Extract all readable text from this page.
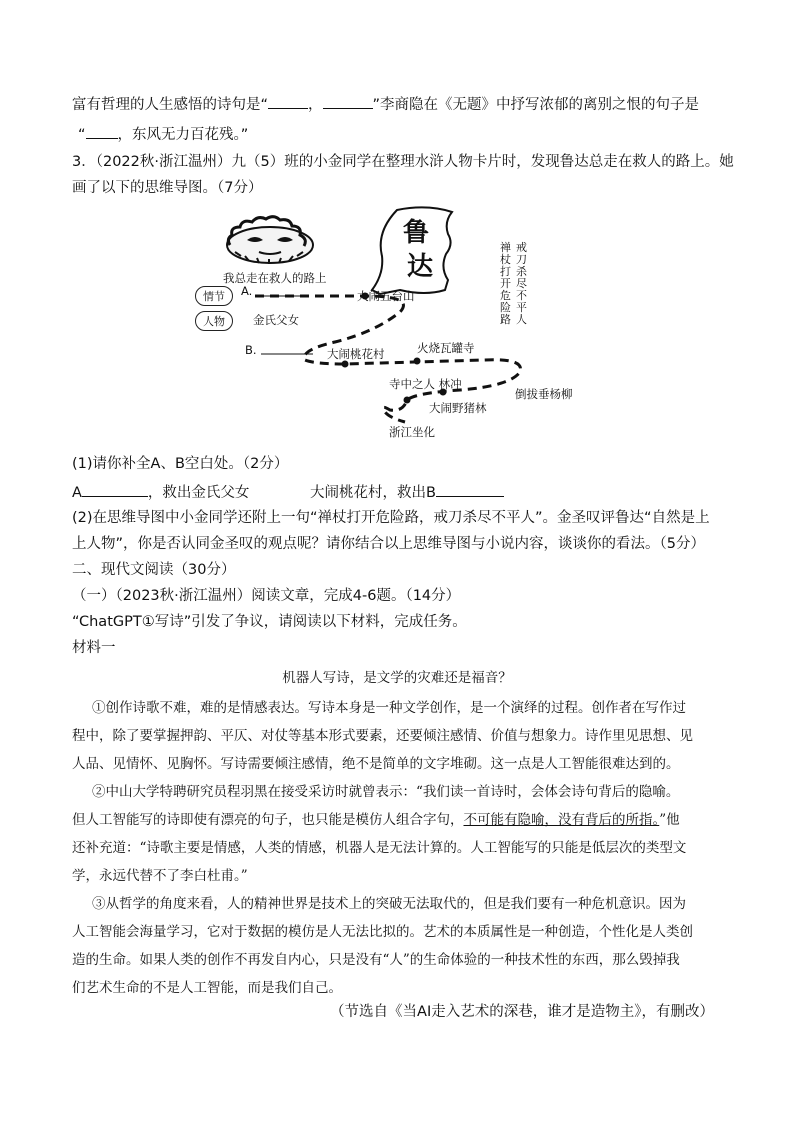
富有哲理的人生感悟的诗句是“	，	”李商隐在《无题》中抒写浓郁的离别之恨的句子是
“ ，东风无力百花残。”
3．（2022秋·浙江温州）九（5）班的小金同学在整理水浒人物卡片时，发现鲁达总走在救人的路上。她
画了以下的思维导图。（7分）
我总走在救人的路上
鲁
达
禅杖打开危险路
戒刀杀尽不平人
情节
人物
A.	大闹五台山
金氏父女
B.	大闹桃花村	火烧瓦罐寺
寺中之人 林冲
倒拔垂杨柳
大闹野猪林
浙江坐化
(1)请你补全A、B空白处。（2分）
A	，救出金氏父女	大闹桃花村，救出B
(2)在思维导图中小金同学还附上一句“禅杖打开危险路，戒刀杀尽不平人”。金圣叹评鲁达“自然是上
上人物”，你是否认同金圣叹的观点呢？请你结合以上思维导图与小说内容，谈谈你的看法。（5分）
二、现代文阅读（30分）
（一）（2023秋·浙江温州）阅读文章，完成4-6题。（14分）
“ChatGPT①写诗”引发了争议，请阅读以下材料，完成任务。
材料一
机器人写诗，是文学的灾难还是福音？
①创作诗歌不难，难的是情感表达。写诗本身是一种文学创作，是一个演绎的过程。创作者在写作过
程中，除了要掌握押韵、平仄、对仗等基本形式要素，还要倾注感情、价值与想象力。诗作里见思想、见
人品、见情怀、见胸怀。写诗需要倾注感情，绝不是简单的文字堆砌。这一点是人工智能很难达到的。
②中山大学特聘研究员程羽黑在接受采访时就曾表示：“我们读一首诗时，会体会诗句背后的隐喻。
但人工智能写的诗即使有漂亮的句子，也只能是模仿人组合字句，不可能有隐喻，没有背后的所指。”他
还补充道：“诗歌主要是情感，人类的情感，机器人是无法计算的。人工智能写的只能是低层次的类型文
学，永远代替不了李白杜甫。”
③从哲学的角度来看，人的精神世界是技术上的突破无法取代的，但是我们要有一种危机意识。因为
人工智能会海量学习，它对于数据的模仿是人无法比拟的。艺术的本质属性是一种创造，个性化是人类创
造的生命。如果人类的创作不再发自内心，只是没有“人”的生命体验的一种技术性的东西，那么毁掉我
们艺术生命的不是人工智能，而是我们自己。
（节选自《当AI走入艺术的深巷，谁才是造物主》，有删改）
